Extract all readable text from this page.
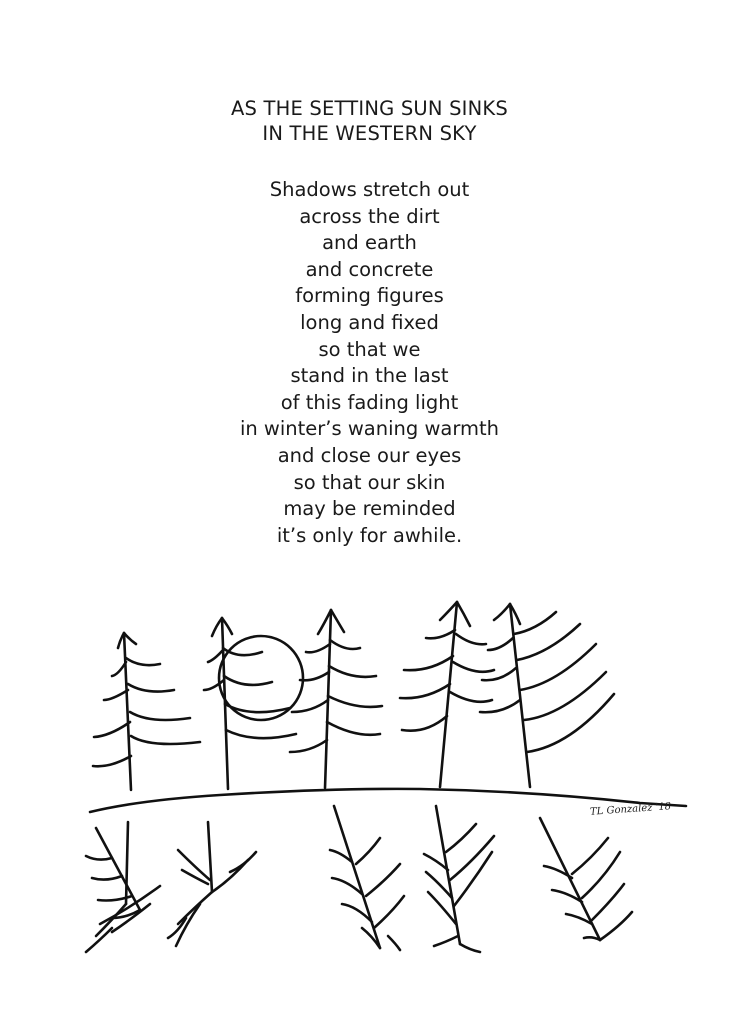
AS THE SETTING SUN SINKS
IN THE WESTERN SKY
Shadows stretch out
across the dirt
and earth
and concrete
forming figures
long and fixed
so that we
stand in the last
of this fading light
in winter’s waning warmth
and close our eyes
so that our skin
may be reminded
it’s only for awhile.
TL Gonzalez '18
